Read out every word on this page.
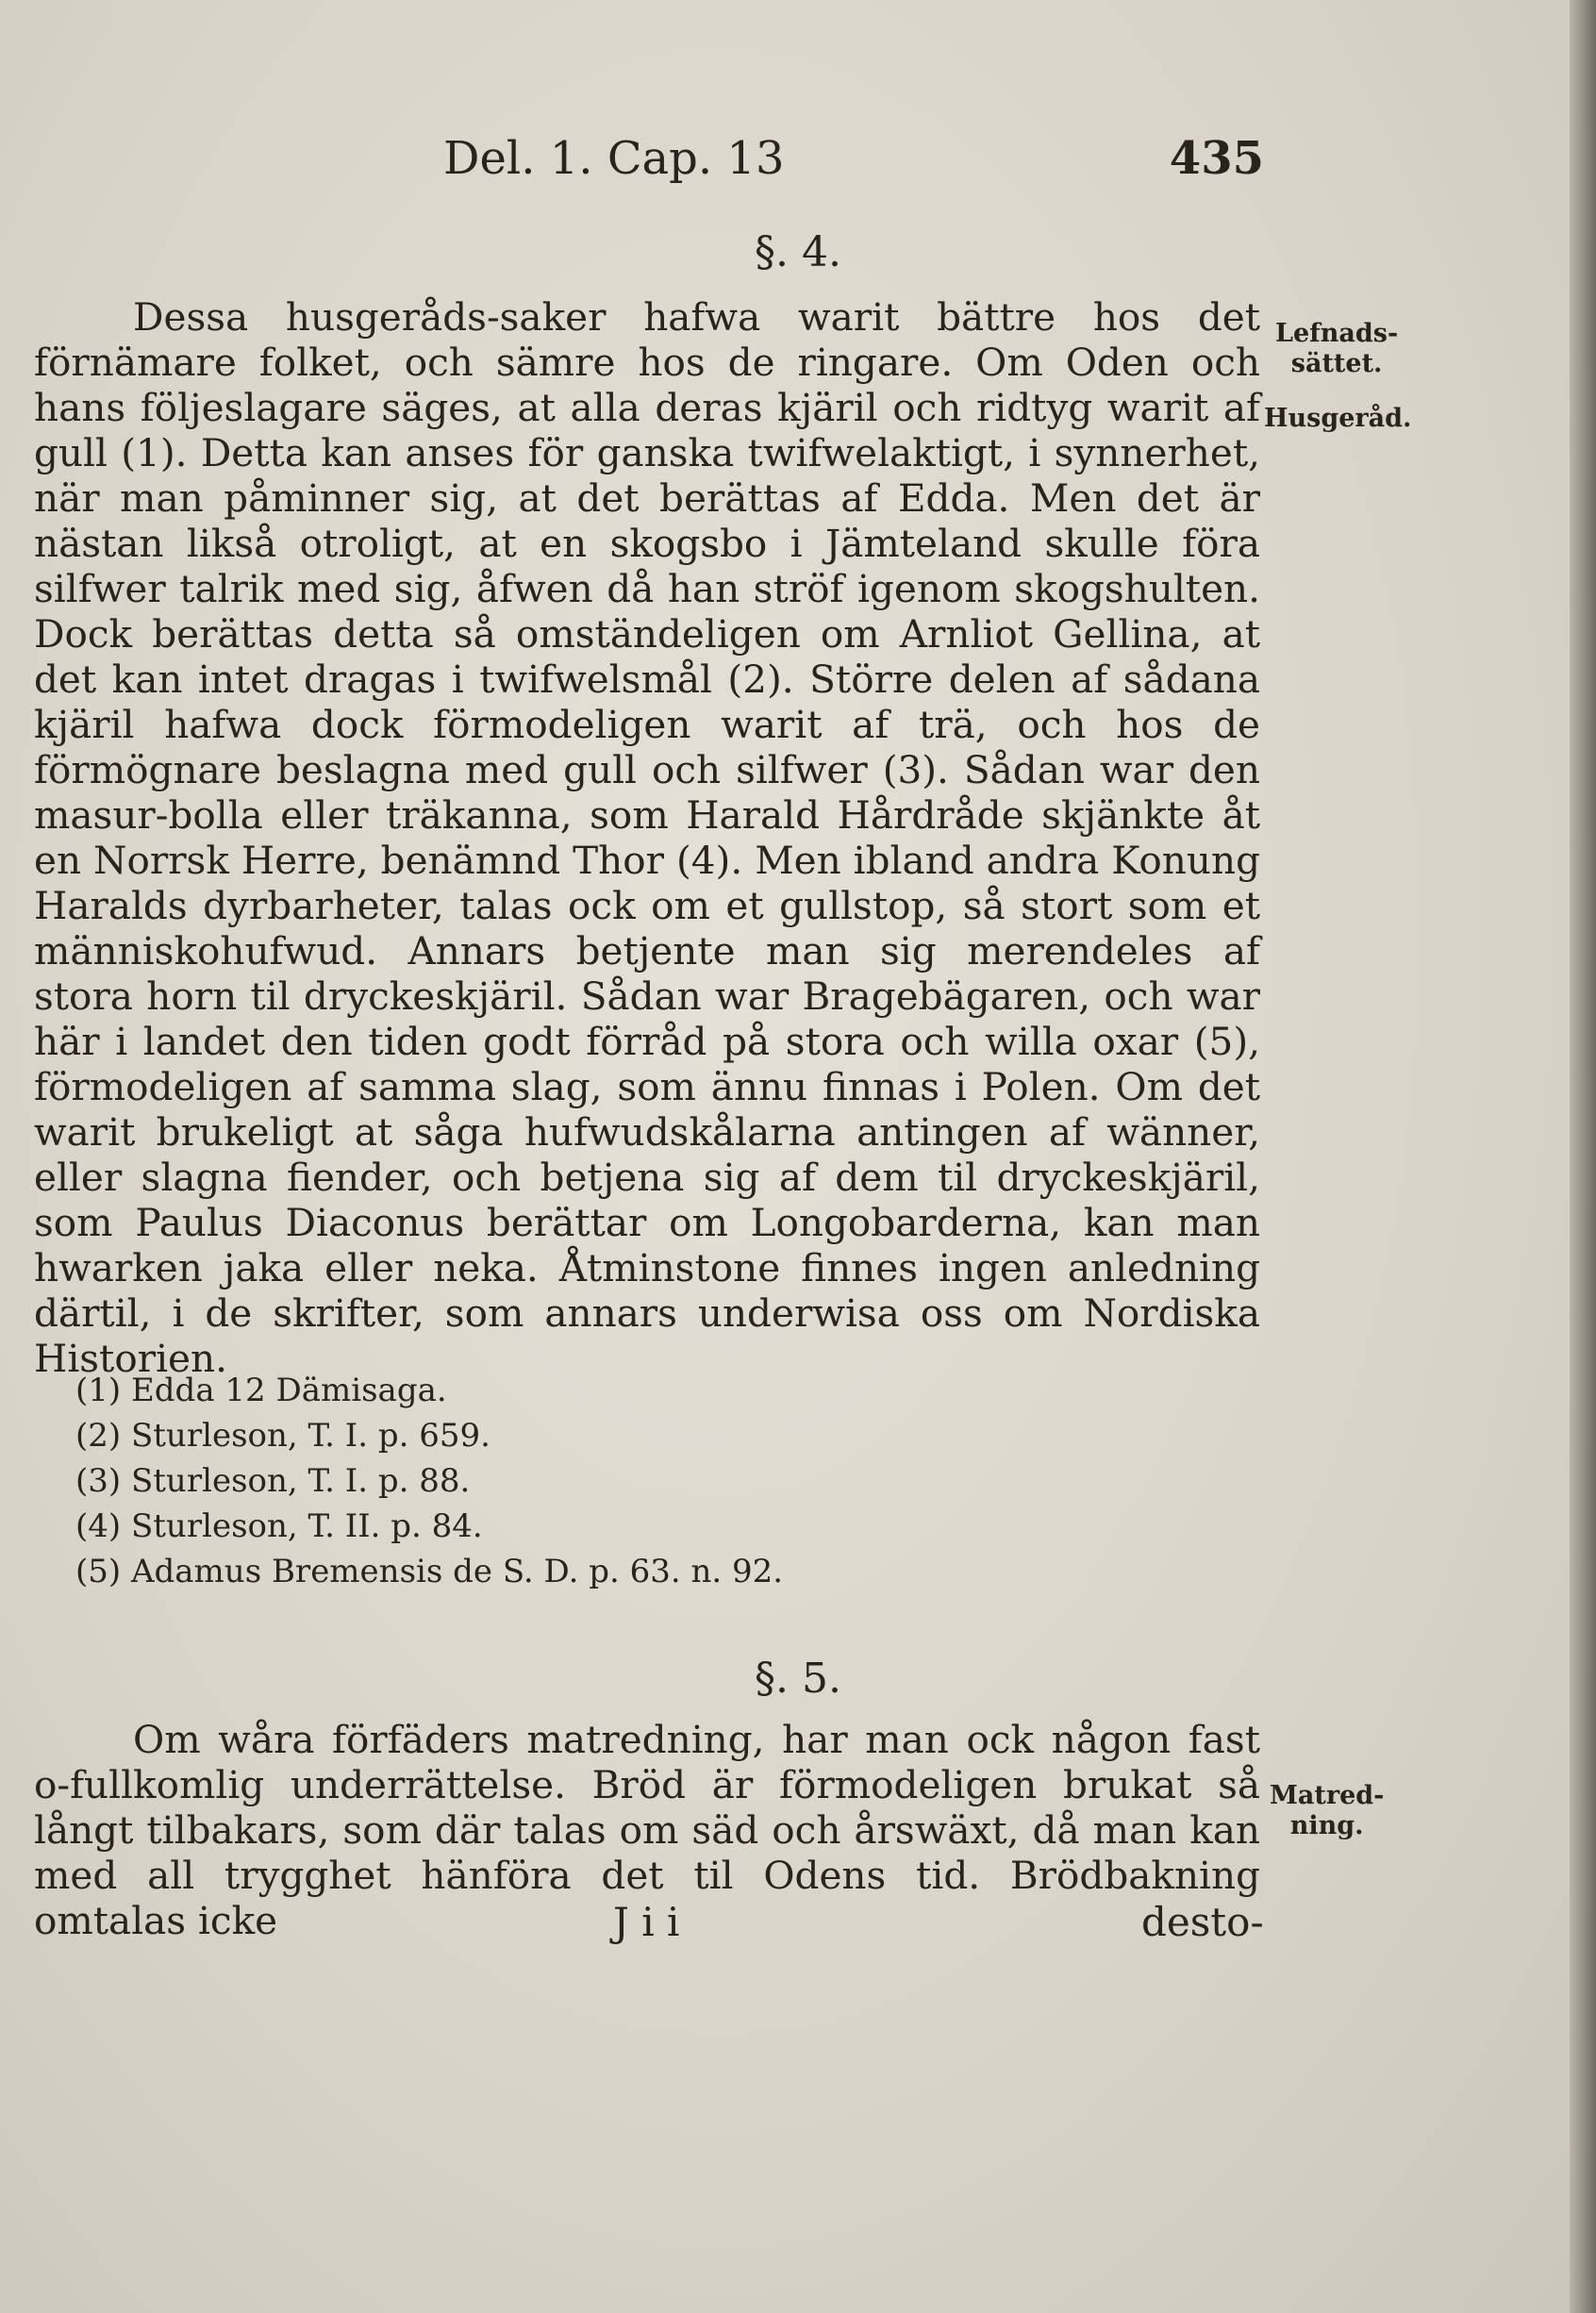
Del. 1. Cap. 13	435
§. 4.

Dessa husgeråds-saker hafwa warit bättre hos det förnämare folket, och sämre hos de ringare. Om Oden och hans följeslagare säges, at alla deras kjäril och ridtyg warit af gull (1). Detta kan anses för ganska twifwelaktigt, i synnerhet, när man påminner sig, at det berättas af Edda. Men det är nästan likså otroligt, at en skogsbo i Jämteland skulle föra silfwer talrik med sig, åfwen då han ströf igenom skogshulten. Dock berättas detta så omständeligen om Arnliot Gellina, at det kan intet dragas i twifwelsmål (2). Större delen af sådana kjäril hafwa dock förmodeligen warit af trä, och hos de förmögnare beslagna med gull och silfwer (3). Sådan war den masur-bolla eller träkanna, som Harald Hårdråde skjänkte åt en Norrsk Herre, benämnd Thor (4). Men ibland andra Konung Haralds dyrbarheter, talas ock om et gullstop, så stort som et människohufwud. Annars betjente man sig merendeles af stora horn til dryckeskjäril. Sådan war Bragebägaren, och war här i landet den tiden godt förråd på stora och willa oxar (5), förmodeligen af samma slag, som ännu finnas i Polen. Om det warit brukeligt at såga hufwudskålarna antingen af wänner, eller slagna fiender, och betjena sig af dem til dryckeskjäril, som Paulus Diaconus berättar om Longobarderna, kan man hwarken jaka eller neka. Åtminstone finnes ingen anledning därtil, i de skrifter, som annars underwisa oss om Nordiska Historien.

Lefnads-
sättet.
Husgeråd.
(1) Edda 12 Dämisaga.
(2) Sturleson, T. I. p. 659.
(3) Sturleson, T. I. p. 88.
(4) Sturleson, T. II. p. 84.
(5) Adamus Bremensis de S. D. p. 63. n. 92.
§. 5.

Om wåra förfäders matredning, har man ock någon fast o-fullkomlig underrättelse. Bröd är förmodeligen brukat så långt tilbakars, som där talas om säd och årswäxt, då man kan med all trygghet hänföra det til Odens tid. Brödbakning omtalas icke

Matred-
ning.
J i i	desto-
